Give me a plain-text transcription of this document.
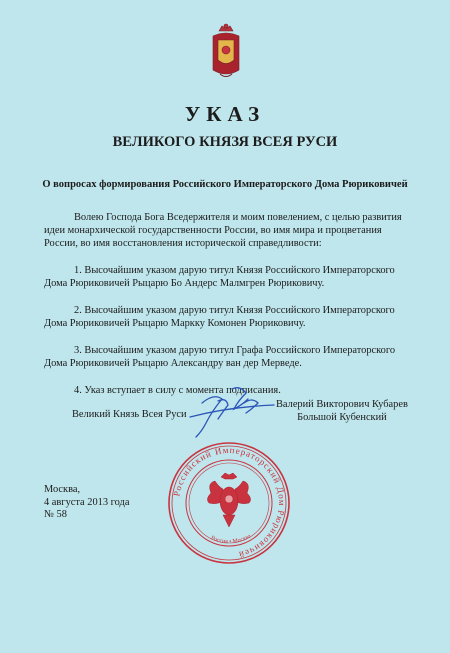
УКАЗ
ВЕЛИКОГО КНЯЗЯ ВСЕЯ РУСИ
О вопросах формирования Российского Императорского Дома Рюриковичей

Волею Господа Бога Вседержителя и моим повелением, с целью развития идеи монархической государственности России, во имя мира и процветания России, во имя восстановления исторической справедливости:

1. Высочайшим указом дарую титул Князя Российского Императорского Дома Рюриковичей Рыцарю Бо Андерс Малмгрен Рюриковичу.

2. Высочайшим указом дарую титул Князя Российского Императорского Дома Рюриковичей Рыцарю Маркку Комонен Рюриковичу.

3. Высочайшим указом дарую титул Графа Российского Императорского Дома Рюриковичей Рыцарю Александру ван дер Мерведе.

4. Указ вступает в силу с момента подписания.

Великий Князь Всея Руси
Валерий Викторович Кубарев
Большой Кубенский
Москва,
4 августа 2013 года
№ 58
Российский Императорский Дом Рюриковичей
Россия • Москва
